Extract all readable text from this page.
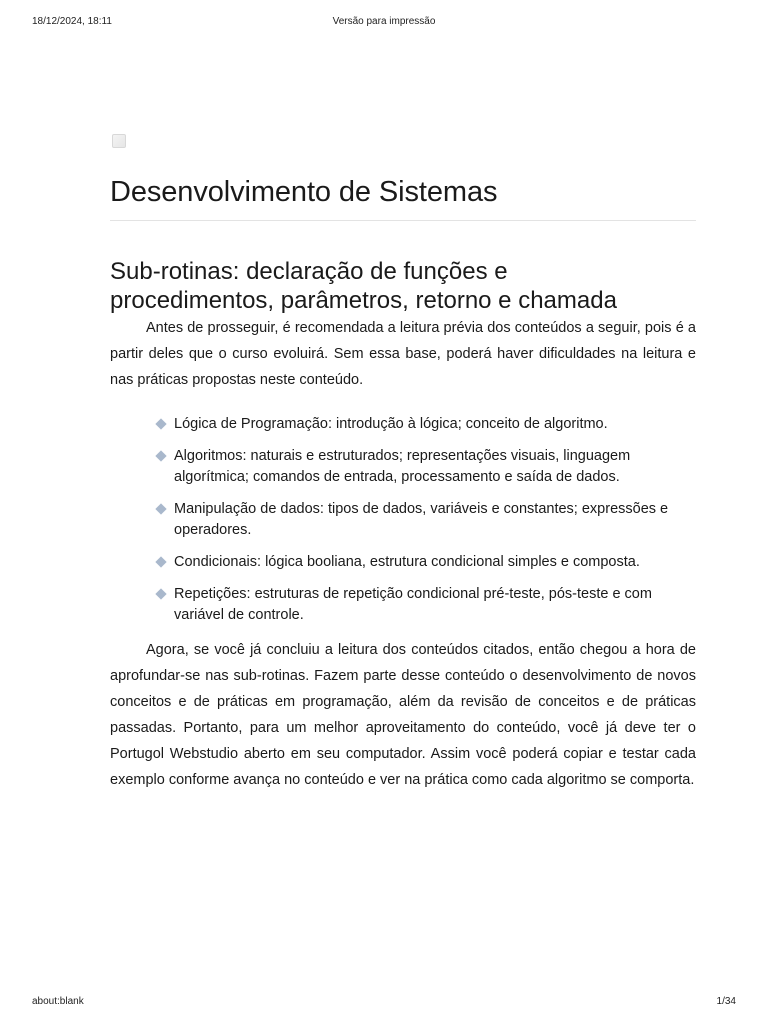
18/12/2024, 18:11	Versão para impressão
Desenvolvimento de Sistemas
Sub-rotinas: declaração de funções e
procedimentos, parâmetros, retorno e chamada

Antes de prosseguir, é recomendada a leitura prévia dos conteúdos a seguir, pois é a partir deles que o curso evoluirá. Sem essa base, poderá haver dificuldades na leitura e nas práticas propostas neste conteúdo.

Lógica de Programação: introdução à lógica; conceito de algoritmo.
Algoritmos: naturais e estruturados; representações visuais, linguagem algorítmica; comandos de entrada, processamento e saída de dados.
Manipulação de dados: tipos de dados, variáveis e constantes; expressões e operadores.
Condicionais: lógica booliana, estrutura condicional simples e composta.
Repetições: estruturas de repetição condicional pré-teste, pós-teste e com variável de controle.

Agora, se você já concluiu a leitura dos conteúdos citados, então chegou a hora de aprofundar-se nas sub-rotinas. Fazem parte desse conteúdo o desenvolvimento de novos conceitos e de práticas em programação, além da revisão de conceitos e de práticas passadas. Portanto, para um melhor aproveitamento do conteúdo, você já deve ter o Portugol Webstudio aberto em seu computador. Assim você poderá copiar e testar cada exemplo conforme avança no conteúdo e ver na prática como cada algoritmo se comporta.

about:blank	1/34
